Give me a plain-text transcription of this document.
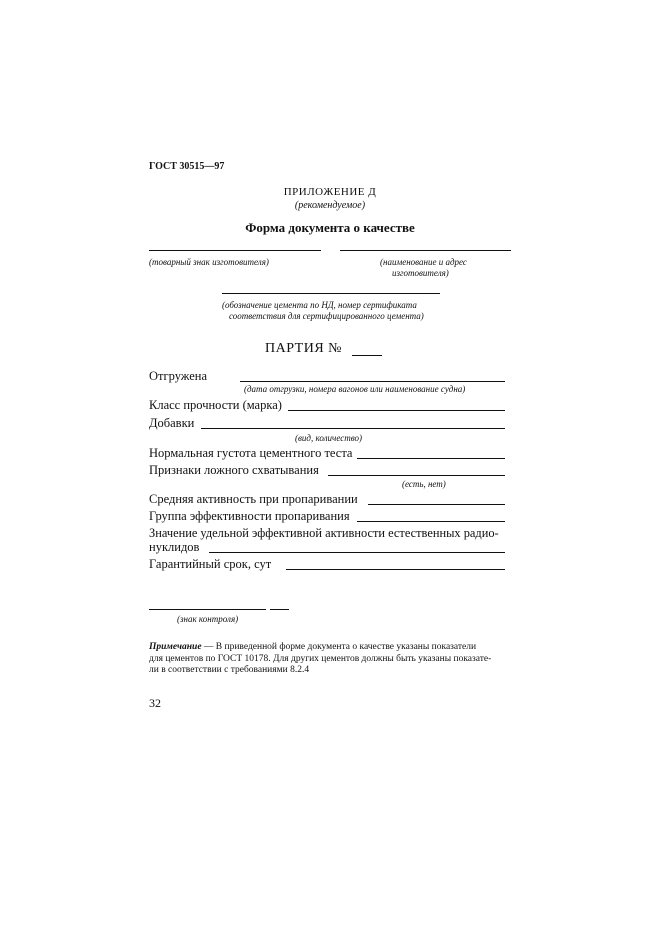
ГОСТ 30515—97
ПРИЛОЖЕНИЕ Д
(рекомендуемое)
Форма документа о качестве
(товарный знак изготовителя)	(наименование и адрес
изготовителя)
(обозначение цемента по НД, номер сертификата
соответствия для сертифицированного цемента)
ПАРТИЯ №
Отгружена
(дата отгрузки, номера вагонов или наименование судна)
Класс прочности (марка)
Добавки
(вид, количество)
Нормальная густота цементного теста
Признаки ложного схватывания
(есть, нет)
Средняя активность при пропаривании
Группа эффективности пропаривания
Значение удельной эффективной активности естественных радио-
нуклидов
Гарантийный срок, сут
(знак контроля)
Примечание — В приведенной форме документа о качестве указаны показатели
для цементов по ГОСТ 10178. Для других цементов должны быть указаны показате-
ли в соответствии с требованиями 8.2.4
32
